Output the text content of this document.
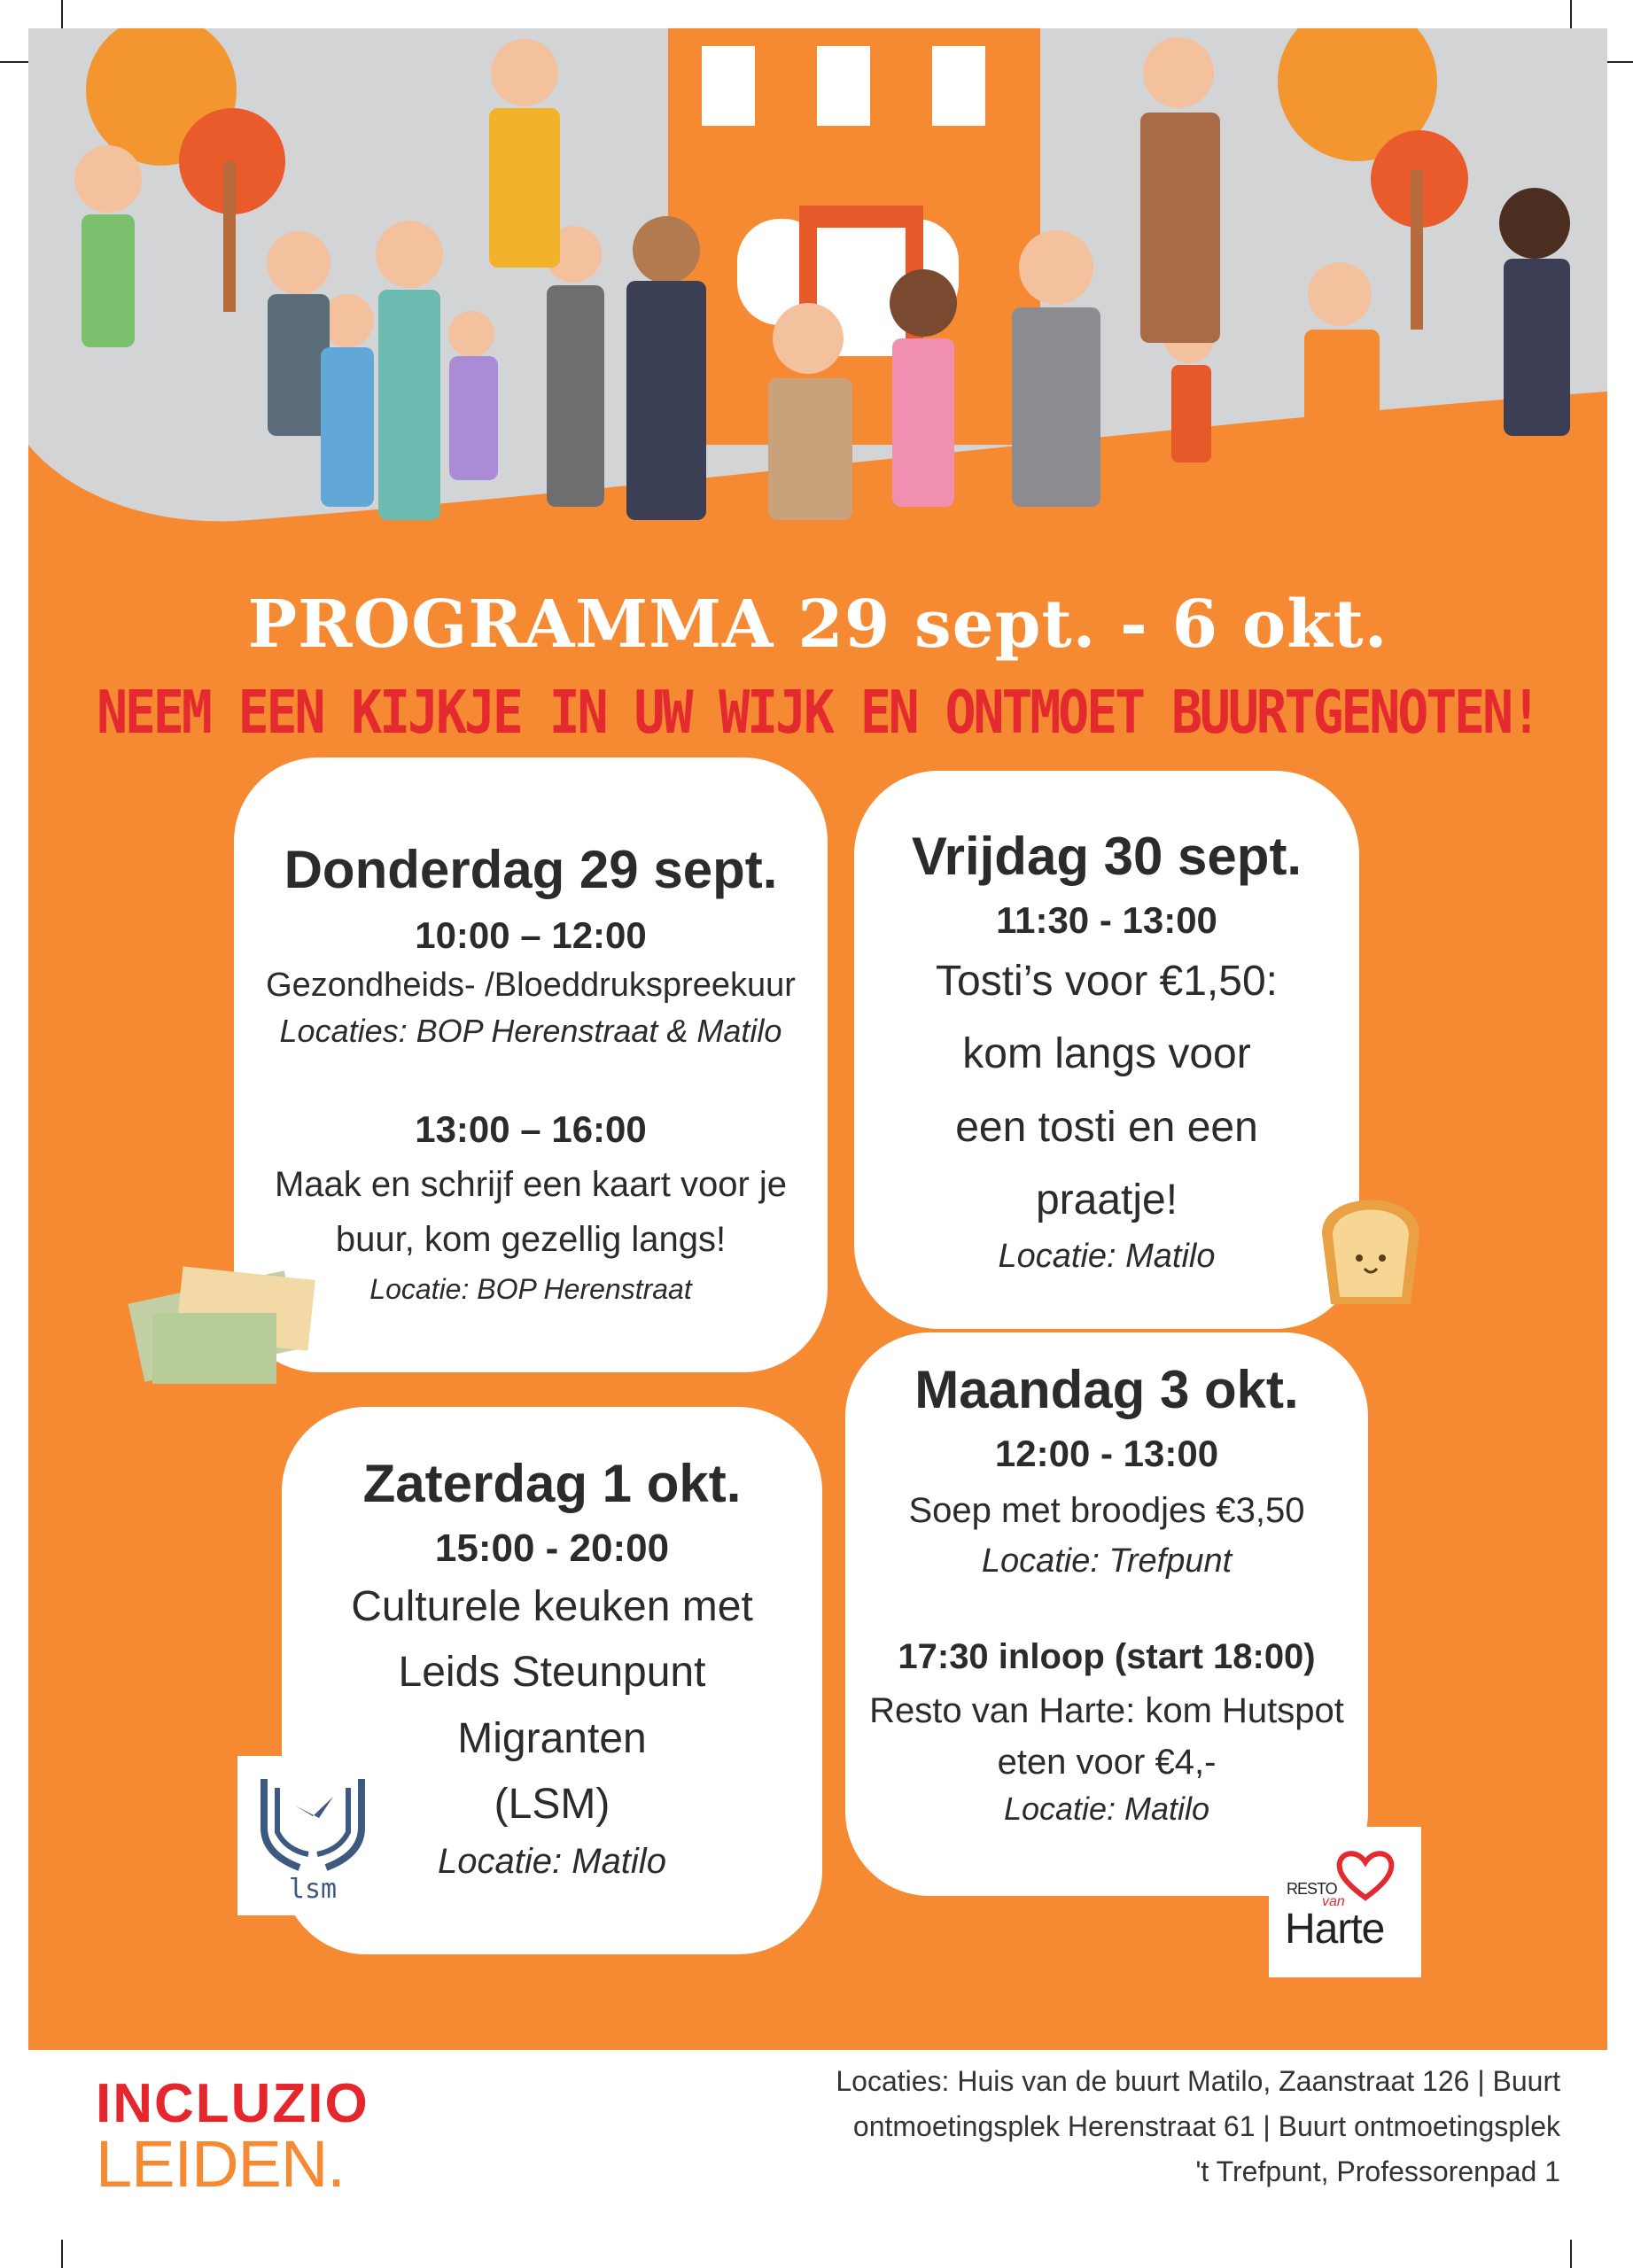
PROGRAMMA 29 sept. - 6 okt.
NEEM EEN KIJKJE IN UW WIJK EN ONTMOET BUURTGENOTEN!
Donderdag 29 sept.
10:00 – 12:00
Gezondheids- /Bloeddrukspreekuur
Locaties: BOP Herenstraat & Matilo
13:00 – 16:00
Maak en schrijf een kaart voor je
buur, kom gezellig langs!
Locatie: BOP Herenstraat
Vrijdag 30 sept.
11:30 - 13:00
Tosti’s voor €1,50:
kom langs voor
een tosti en een
praatje!
Locatie: Matilo
Zaterdag 1 okt.
15:00 - 20:00
Culturele keuken met
Leids Steunpunt
Migranten
(LSM)
Locatie: Matilo
lsm
Maandag 3 okt.
12:00 - 13:00
Soep met broodjes €3,50
Locatie: Trefpunt
17:30 inloop (start 18:00)
Resto van Harte: kom Hutspot
eten voor €4,-
Locatie: Matilo
RESTO
van
Harte
INCLUZIO
LEIDEN.
Locaties: Huis van de buurt Matilo, Zaanstraat 126 | Buurt
ontmoetingsplek Herenstraat 61 | Buurt ontmoetingsplek
't Trefpunt, Professorenpad 1
